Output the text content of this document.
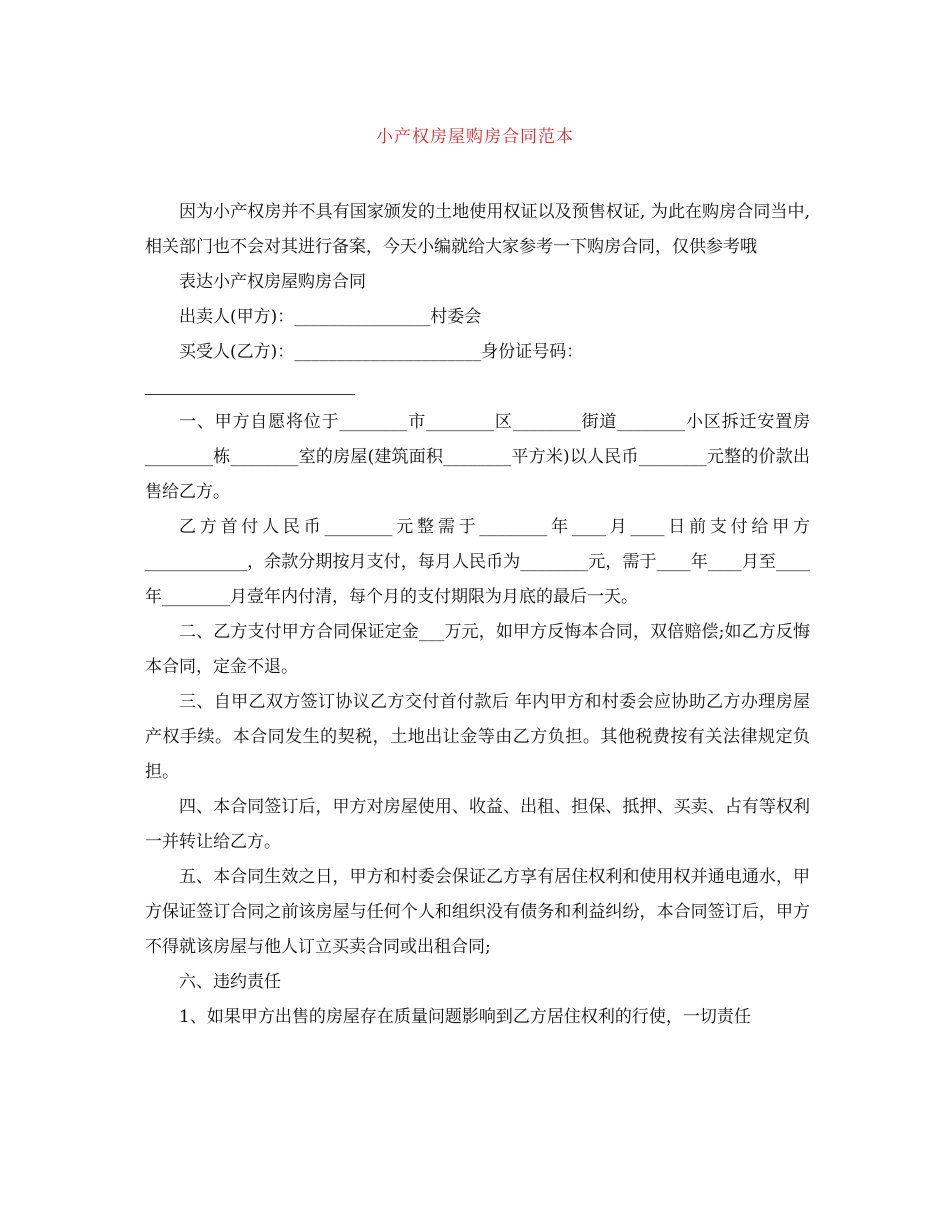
小产权房屋购房合同范本

因为小产权房并不具有国家颁发的土地使用权证以及预售权证, 为此在购房合同当中, 相关部门也不会对其进行备案，今天小编就给大家参考一下购房合同，仅供参考哦

表达小产权房屋购房合同

出卖人(甲方)：________________村委会

买受人(乙方)：______________________身份证号码：

一、甲方自愿将位于________市________区________街道________小区拆迁安置房________栋________室的房屋(建筑面积________平方米)以人民币________元整的价款出售给乙方。

乙方首付人民币________元整需于________年____月____日前支付给甲方____________，余款分期按月支付，每月人民币为________元，需于____年____月至____年________月壹年内付清，每个月的支付期限为月底的最后一天。

二、乙方支付甲方合同保证定金___万元，如甲方反悔本合同，双倍赔偿;如乙方反悔本合同，定金不退。

三、自甲乙双方签订协议乙方交付首付款后 年内甲方和村委会应协助乙方办理房屋产权手续。本合同发生的契税，土地出让金等由乙方负担。其他税费按有关法律规定负担。

四、本合同签订后，甲方对房屋使用、收益、出租、担保、抵押、买卖、占有等权利一并转让给乙方。

五、本合同生效之日，甲方和村委会保证乙方享有居住权利和使用权并通电通水，甲方保证签订合同之前该房屋与任何个人和组织没有债务和利益纠纷，本合同签订后，甲方不得就该房屋与他人订立买卖合同或出租合同;

六、违约责任

1、如果甲方出售的房屋存在质量问题影响到乙方居住权利的行使，一切责任
